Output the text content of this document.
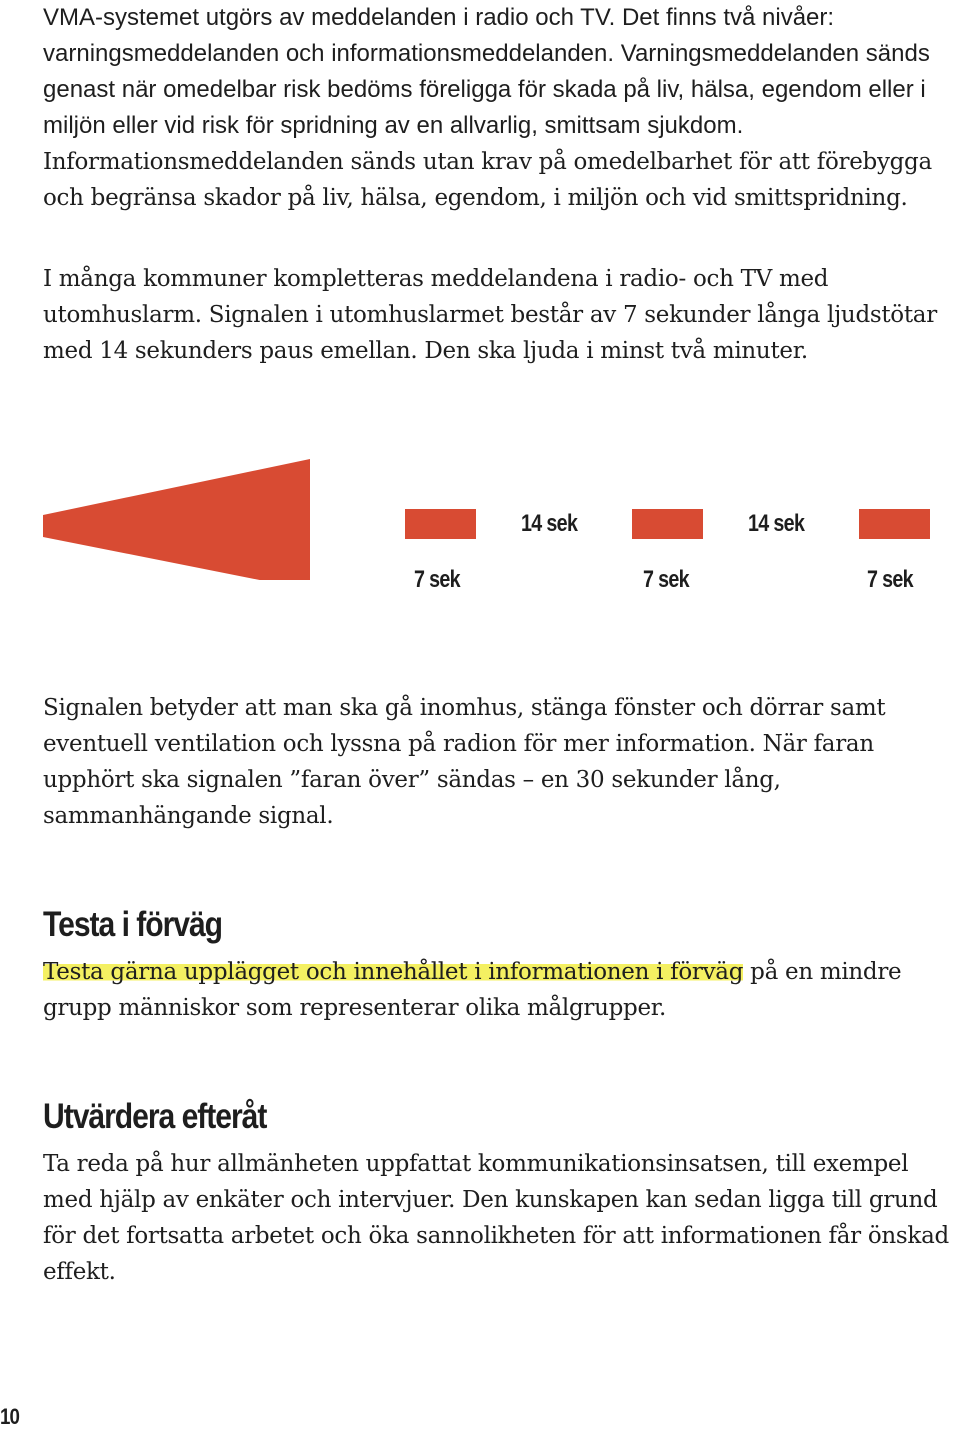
VMA-systemet utgörs av meddelanden i radio och TV. Det finns två nivåer: varningsmeddelanden och informationsmeddelanden. Varningsmeddelanden sänds genast när omedelbar risk bedöms föreligga för skada på liv, hälsa, egendom eller i miljön eller vid risk för spridning av en allvarlig, smittsam sjukdom. Informationsmeddelanden sänds utan krav på omedelbarhet för att förebygga och begränsa skador på liv, hälsa, egendom, i miljön och vid smittspridning.

I många kommuner kompletteras meddelandena i radio- och TV med utomhuslarm. Signalen i utomhuslarmet består av 7 sekunder långa ljudstötar med 14 sekunders paus emellan. Den ska ljuda i minst två minuter.

14 sek	14 sek
7 sek	7 sek	7 sek

Signalen betyder att man ska gå inomhus, stänga fönster och dörrar samt eventuell ventilation och lyssna på radion för mer information. När faran upphört ska signalen ”faran över” sändas – en 30 sekunder lång, sammanhängande signal.

Testa i förväg

Testa gärna upplägget och innehållet i informationen i förväg på en mindre grupp människor som representerar olika målgrupper.

Utvärdera efteråt

Ta reda på hur allmänheten uppfattat kommunikationsinsatsen, till exempel med hjälp av enkäter och intervjuer. Den kunskapen kan sedan ligga till grund för det fortsatta arbetet och öka sannolikheten för att informationen får önskad effekt.

10
